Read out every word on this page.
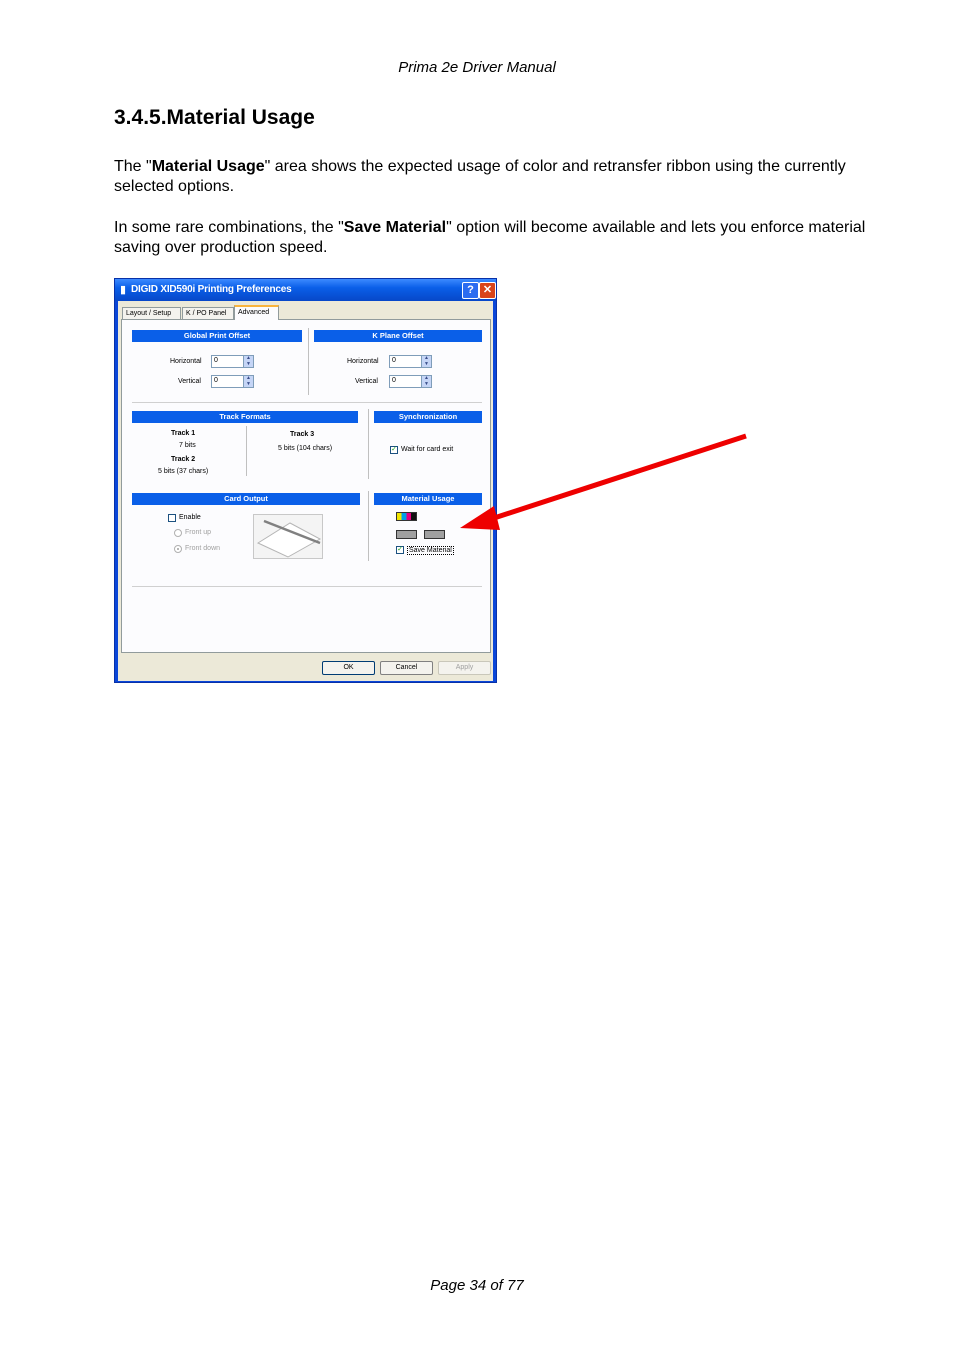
Prima 2e Driver Manual
3.4.5.Material Usage
The "Material Usage" area shows the expected usage of color and retransfer ribbon using the currently selected options.
In some rare combinations, the "Save Material" option will become available and lets you enforce material saving over production speed.
▮ DIGID XID590i Printing Preferences	? ✕
Layout / Setup	K / PO Panel	Advanced
Global Print Offset
Horizontal 0	▲
▼
Vertical 0	▲
▼
K Plane Offset
Horizontal 0	▲
▼
Vertical 0	▲
▼
Track Formats
Track 1
7 bits
Track 2
5 bits (37 chars)
Track 3
5 bits (104 chars)
Synchronization
✓ Wait for card exit
Card Output
Enable
Front up
Front down
Material Usage
✓ Save Material
OK	Cancel	Apply
Page 34 of 77
